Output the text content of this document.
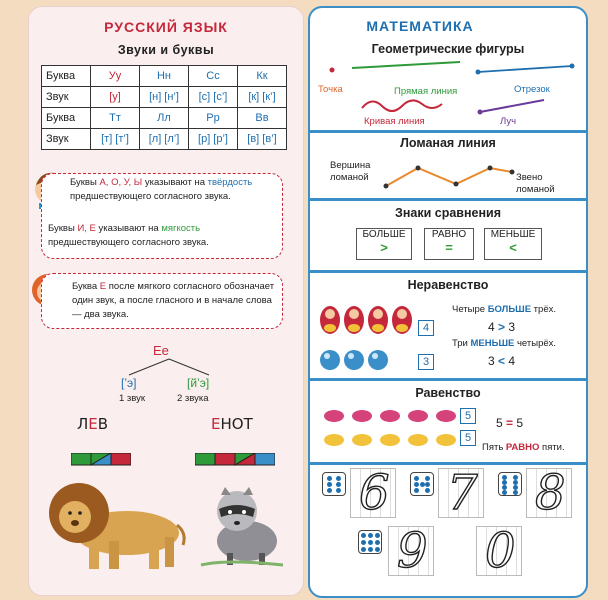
РУССКИЙ ЯЗЫК
Звуки и буквы
Буква	Уу	Нн	Сс	Кк
Звук	[у]	[н] [н’]	[с] [с’]	[к] [к’]
Буква	Тт	Лл	Рр	Вв
Звук	[т] [т’]	[л] [л’]	[р] [р’]	[в] [в’]
Буквы А, О, У, Ы указывают на твёрдость предшествующего согласного звука.
Буквы И, Е указывают на мягкость предшествующего согласного звука.
Буква Е после мягкого согласного обозначает один звук, а после гласного и в начале слова — два звука.
Ее
[’э]	[й’э]
1 звук	2 звука
ЛЕВ	ЕНОТ
МАТЕМАТИКА
Геометрические фигуры
Точка	Прямая линия	Отрезок
Кривая линия	Луч
Ломаная линия
Вершина ломаной	Звено ломаной
Знаки сравнения
БОЛЬШЕ
>
РАВНО
=
МЕНЬШЕ
<
Неравенство
4
3
Четыре БОЛЬШЕ трёх.
4 > 3
Три МЕНЬШЕ четырёх.
3 < 4
Равенство
5
5
5 = 5
Пять РАВНО пяти.
6 7 8
9 0
